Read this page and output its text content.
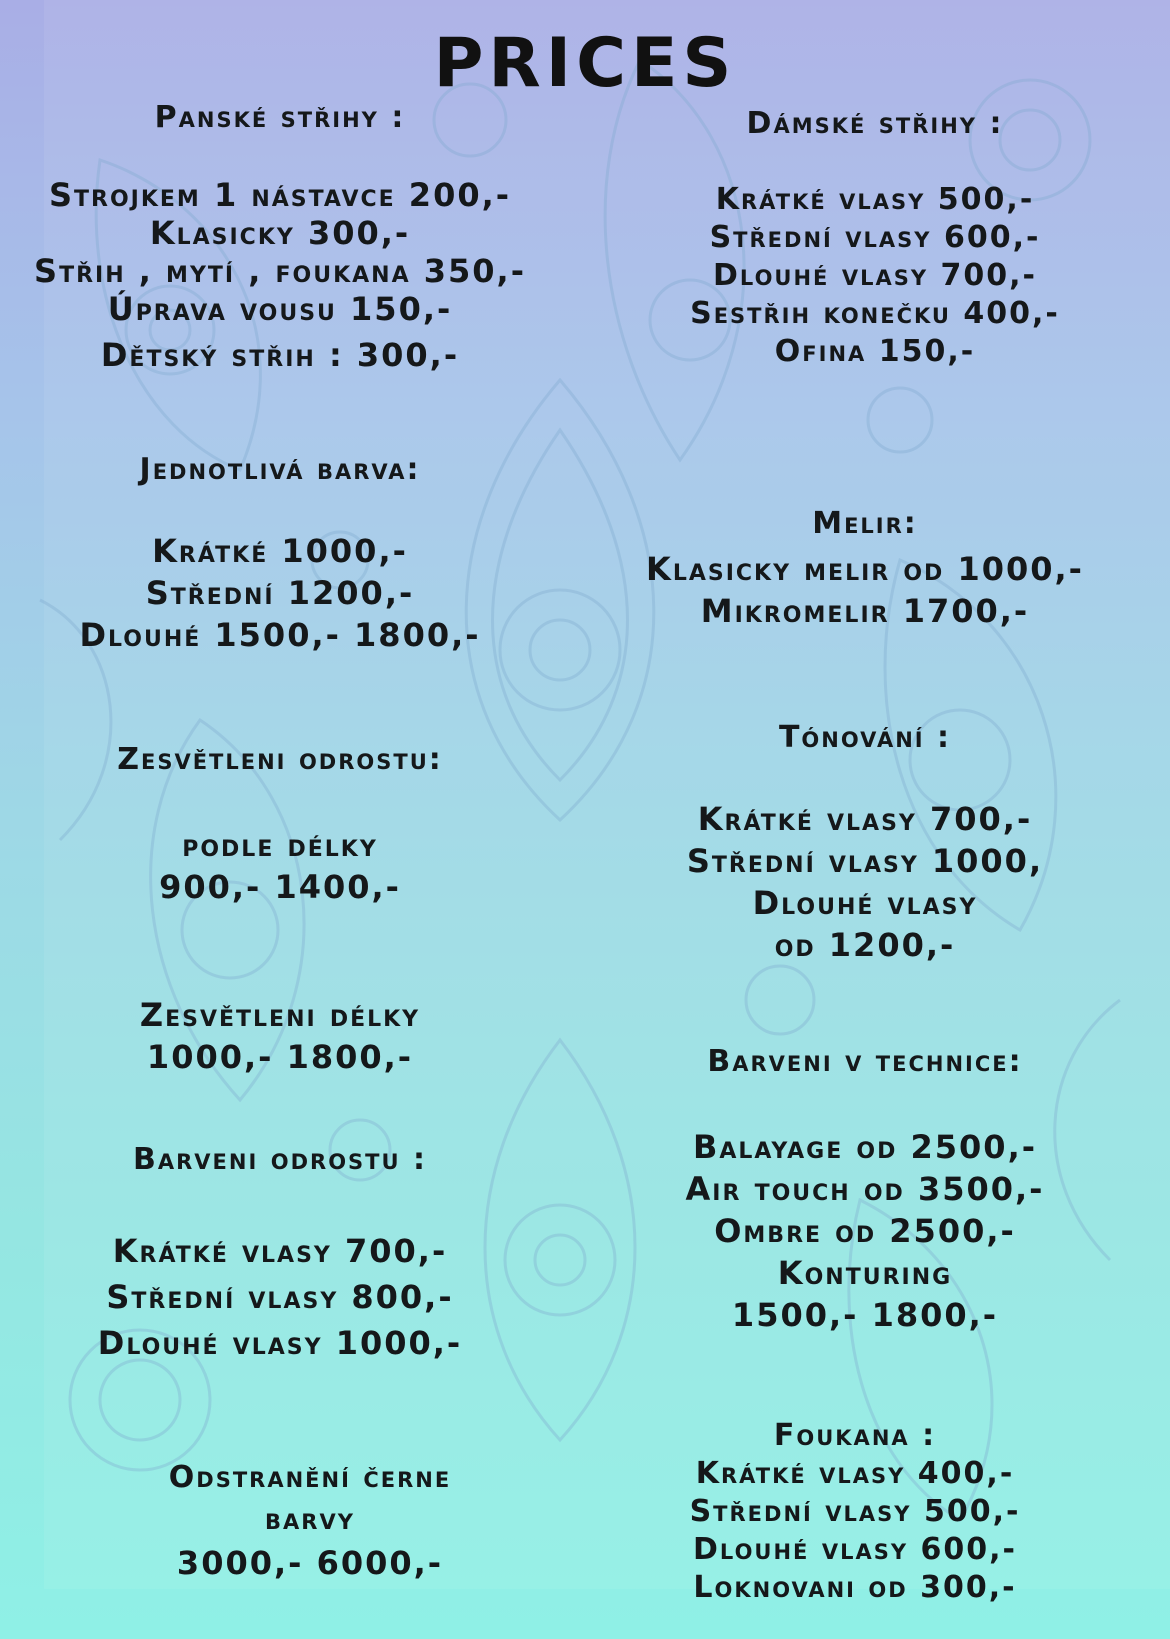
PRICES
Panské střihy :
Strojkem 1 nástavce 200,-
Klasicky 300,-
Střih , mytí , foukana 350,-
Úprava vousu 150,-
Dětský střih : 300,-
Jednotlivá barva:
Krátké 1000,-
Střední 1200,-
Dlouhé 1500,- 1800,-
Zesvětleni odrostu:
podle délky
900,- 1400,-
Zesvětleni délky
1000,- 1800,-
Barveni odrostu :
Krátké vlasy 700,-
Střední vlasy 800,-
Dlouhé vlasy 1000,-
Odstranění černe
barvy
3000,- 6000,-
Dámské střihy :
Krátké vlasy 500,-
Střední vlasy 600,-
Dlouhé vlasy 700,-
Sestřih konečku 400,-
Ofina 150,-
Melir:
Klasicky melir od 1000,-
Mikromelir 1700,-
Tónování :
Krátké vlasy 700,-
Střední vlasy 1000,
Dlouhé vlasy
od 1200,-
Barveni v technice:
Balayage od 2500,-
Air touch od 3500,-
Ombre od 2500,-
Konturing
1500,- 1800,-
Foukana :
Krátké vlasy 400,-
Střední vlasy 500,-
Dlouhé vlasy 600,-
Loknovani od 300,-
